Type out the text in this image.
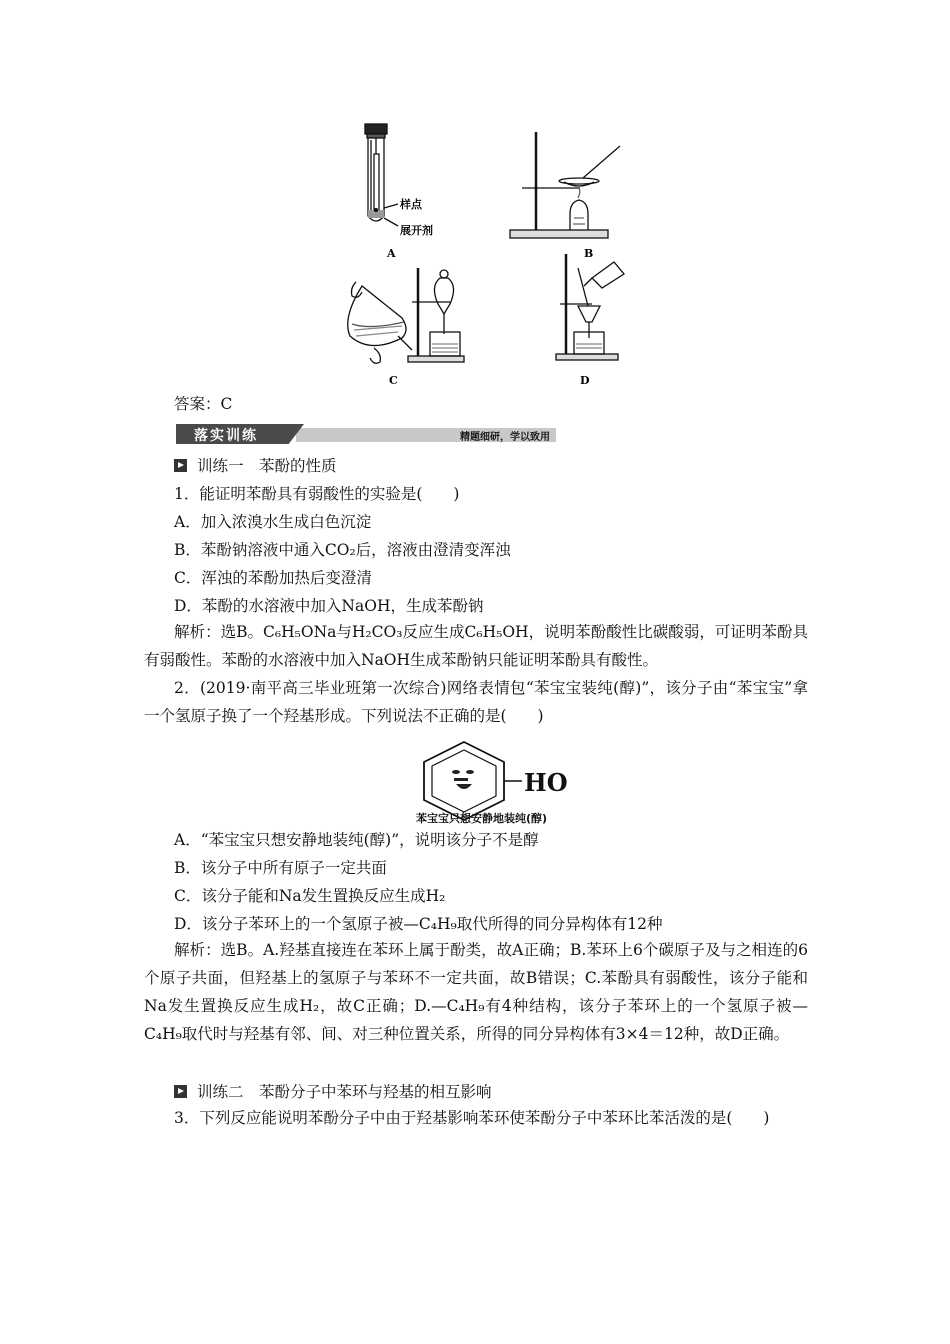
样点
展开剂
A	B
C	D
答案：C
精题细研，学以致用
落实训练
训练一　苯酚的性质
1．能证明苯酚具有弱酸性的实验是(　　)
A．加入浓溴水生成白色沉淀
B．苯酚钠溶液中通入CO₂后，溶液由澄清变浑浊
C．浑浊的苯酚加热后变澄清
D．苯酚的水溶液中加入NaOH，生成苯酚钠
解析：选B。C₆H₅ONa与H₂CO₃反应生成C₆H₅OH，说明苯酚酸性比碳酸弱，可证明苯酚具有弱酸性。苯酚的水溶液中加入NaOH生成苯酚钠只能证明苯酚具有酸性。
2．(2019·南平高三毕业班第一次综合)网络表情包“苯宝宝装纯(醇)”，该分子由“苯宝宝”拿一个氢原子换了一个羟基形成。下列说法不正确的是(　　)
OH
苯宝宝只想安静地装纯(醇)
A．“苯宝宝只想安静地装纯(醇)”，说明该分子不是醇
B．该分子中所有原子一定共面
C．该分子能和Na发生置换反应生成H₂
D．该分子苯环上的一个氢原子被—C₄H₉取代所得的同分异构体有12种
解析：选B。A.羟基直接连在苯环上属于酚类，故A正确；B.苯环上6个碳原子及与之相连的6个原子共面，但羟基上的氢原子与苯环不一定共面，故B错误；C.苯酚具有弱酸性，该分子能和Na发生置换反应生成H₂，故C正确；D.—C₄H₉有4种结构，该分子苯环上的一个氢原子被—C₄H₉取代时与羟基有邻、间、对三种位置关系，所得的同分异构体有3×4＝12种，故D正确。
训练二　苯酚分子中苯环与羟基的相互影响
3．下列反应能说明苯酚分子中由于羟基影响苯环使苯酚分子中苯环比苯活泼的是(　　)
